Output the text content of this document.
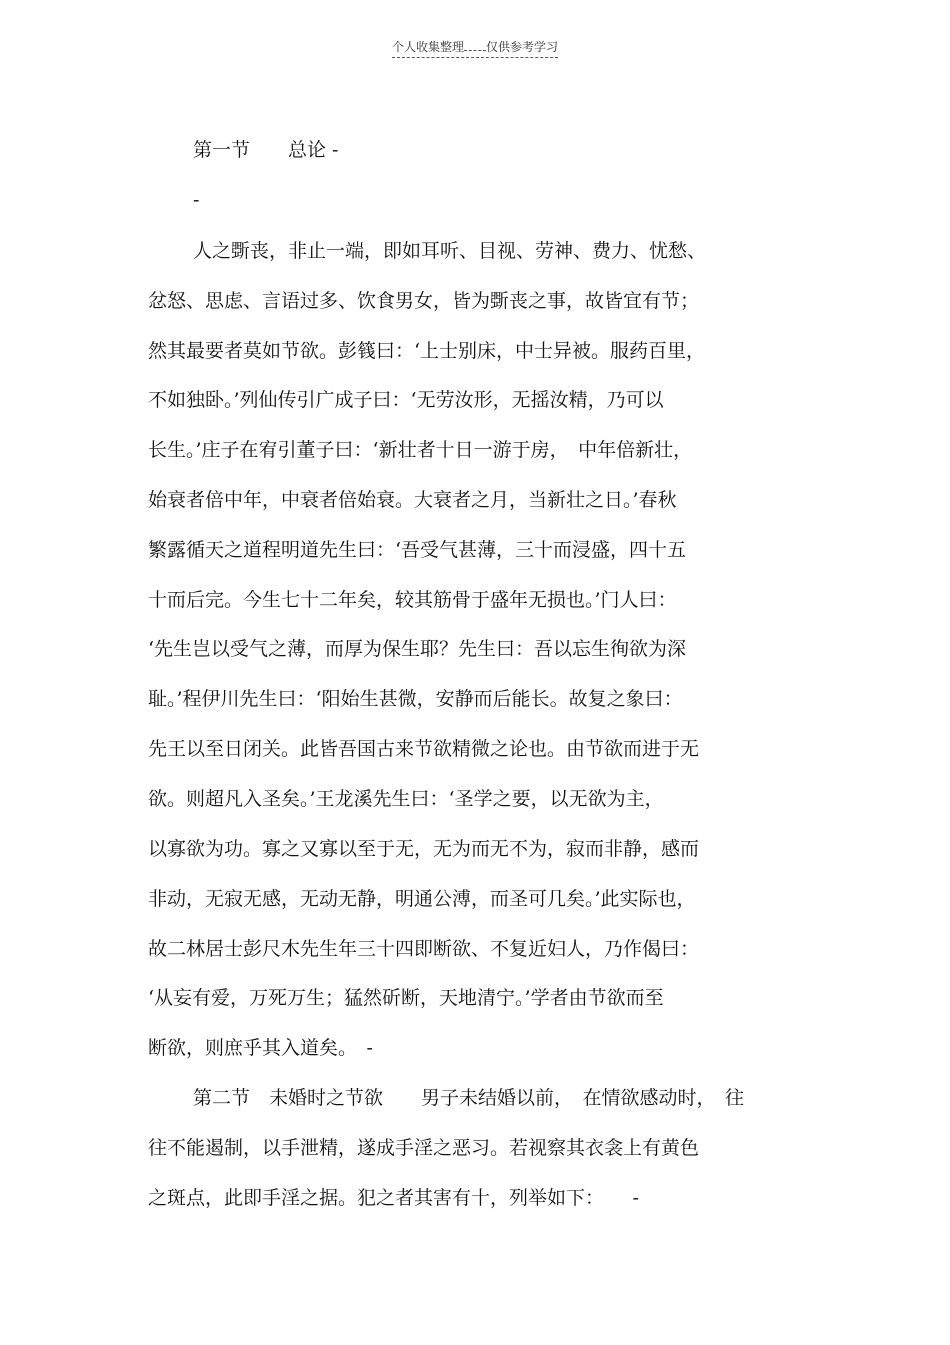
个人收集整理 仅供参考学习
第一节　　总论 -
-
人之斲丧，非止一端，即如耳听、目视、劳神、费力、忧愁、
忿怒、思虑、言语过多、饮食男女，皆为斲丧之事，故皆宜有节；
然其最要者莫如节欲。彭篯曰：‘上士别床，中士异被。服药百里，
不如独卧。’列仙传引广成子曰：‘无劳汝形，无摇汝精，乃可以
长生。’庄子在宥引董子曰：‘新壮者十日一游于房，　中年倍新壮，
始衰者倍中年，中衰者倍始衰。大衰者之月，当新壮之日。’春秋
繁露循天之道程明道先生曰：‘吾受气甚薄，三十而浸盛，四十五
十而后完。今生七十二年矣，较其筋骨于盛年无损也。’门人曰：
‘先生岂以受气之薄，而厚为保生耶？先生曰：吾以忘生徇欲为深
耻。’程伊川先生曰：‘阳始生甚微，安静而后能长。故复之象曰：
先王以至日闭关。此皆吾国古来节欲精微之论也。由节欲而进于无
欲。则超凡入圣矣。’王龙溪先生曰：‘圣学之要，以无欲为主，
以寡欲为功。寡之又寡以至于无，无为而无不为，寂而非静，感而
非动，无寂无感，无动无静，明通公溥，而圣可几矣。’此实际也，
故二林居士彭尺木先生年三十四即断欲、不复近妇人，乃作偈曰：
‘从妄有爱，万死万生；猛然斫断，天地清宁。’学者由节欲而至
断欲，则庶乎其入道矣。　-
第二节　未婚时之节欲　　男子未结婚以前，　在情欲感动时，　往
往不能遏制，以手泄精，遂成手淫之恶习。若视察其衣衾上有黄色
之斑点，此即手淫之据。犯之者其害有十，列举如下：　　-
